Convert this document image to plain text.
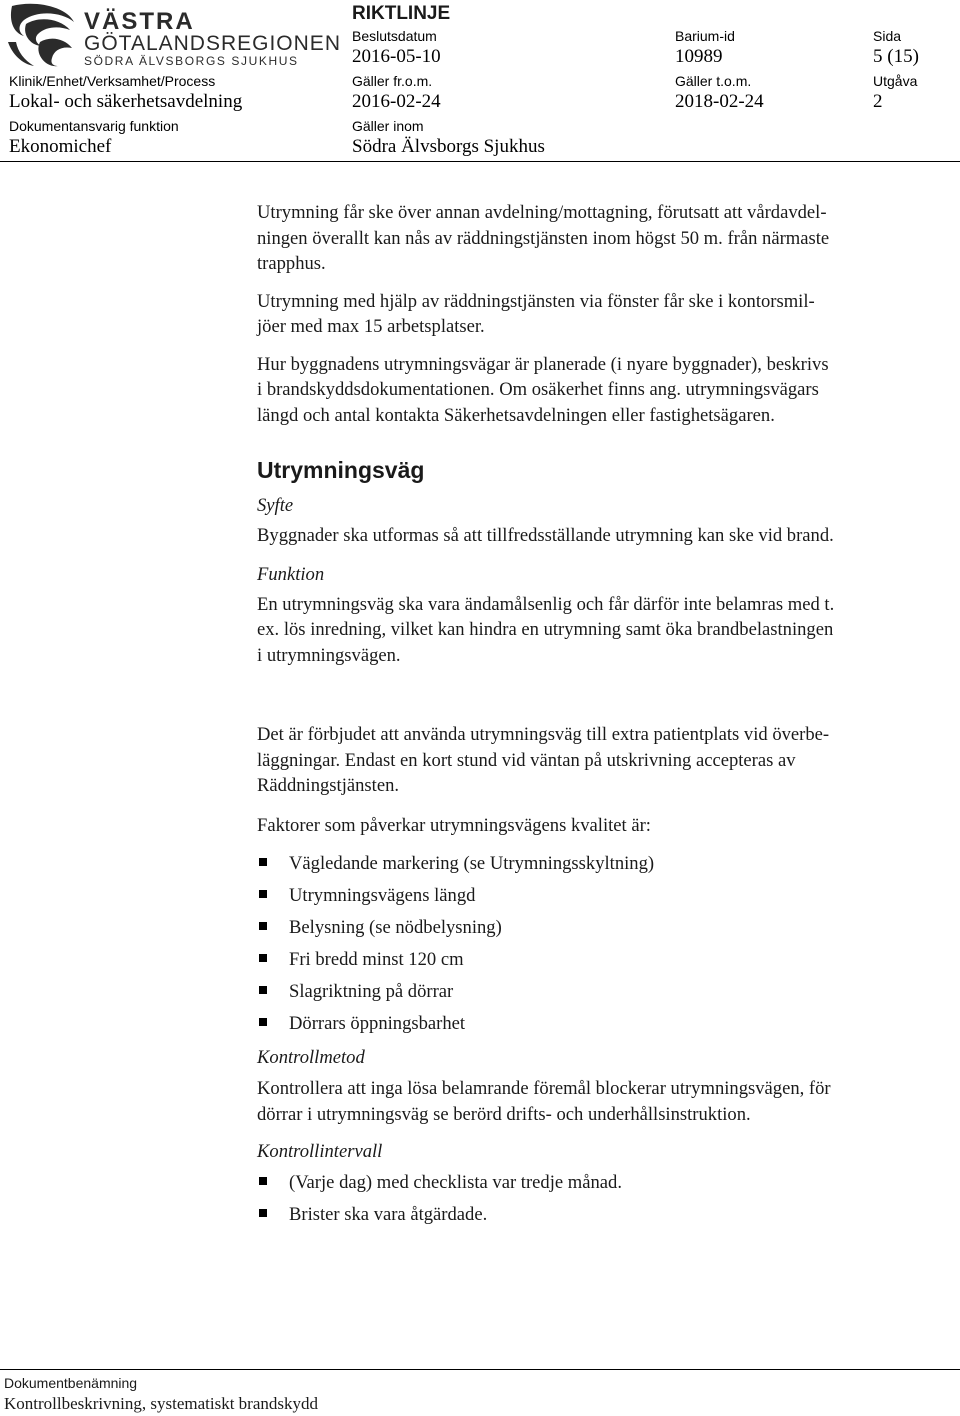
VÄSTRA
GÖTALANDSREGIONEN
SÖDRA ÄLVSBORGS SJUKHUS
RIKTLINJE
Beslutsdatum
2016-05-10
Barium-id
10989
Sida
5 (15)
Klinik/Enhet/Verksamhet/Process
Lokal- och säkerhetsavdelning
Gäller fr.o.m.
2016-02-24
Gäller t.o.m.
2018-02-24
Utgåva
2
Dokumentansvarig funktion
Ekonomichef
Gäller inom
Södra Älvsborgs Sjukhus

Utrymning får ske över annan avdelning/mottagning, förutsatt att vårdavdel-
ningen överallt kan nås av räddningstjänsten inom högst 50 m. från närmaste
trapphus.

Utrymning med hjälp av räddningstjänsten via fönster får ske i kontorsmil-
jöer med max 15 arbetsplatser.

Hur byggnadens utrymningsvägar är planerade (i nyare byggnader), beskrivs
i brandskyddsdokumentationen. Om osäkerhet finns ang. utrymningsvägars
längd och antal kontakta Säkerhetsavdelningen eller fastighetsägaren.

Utrymningsväg

Syfte

Byggnader ska utformas så att tillfredsställande utrymning kan ske vid brand.

Funktion

En utrymningsväg ska vara ändamålsenlig och får därför inte belamras med t.
ex. lös inredning, vilket kan hindra en utrymning samt öka brandbelastningen
i utrymningsvägen.

Det är förbjudet att använda utrymningsväg till extra patientplats vid överbe-
läggningar. Endast en kort stund vid väntan på utskrivning accepteras av
Räddningstjänsten.

Faktorer som påverkar utrymningsvägens kvalitet är:

Vägledande markering (se Utrymningsskyltning)
Utrymningsvägens längd
Belysning (se nödbelysning)
Fri bredd minst 120 cm
Slagriktning på dörrar
Dörrars öppningsbarhet

Kontrollmetod

Kontrollera att inga lösa belamrande föremål blockerar utrymningsvägen, för
dörrar i utrymningsväg se berörd drifts- och underhållsinstruktion.

Kontrollintervall

(Varje dag) med checklista var tredje månad.
Brister ska vara åtgärdade.
Dokumentbenämning
Kontrollbeskrivning, systematiskt brandskydd
